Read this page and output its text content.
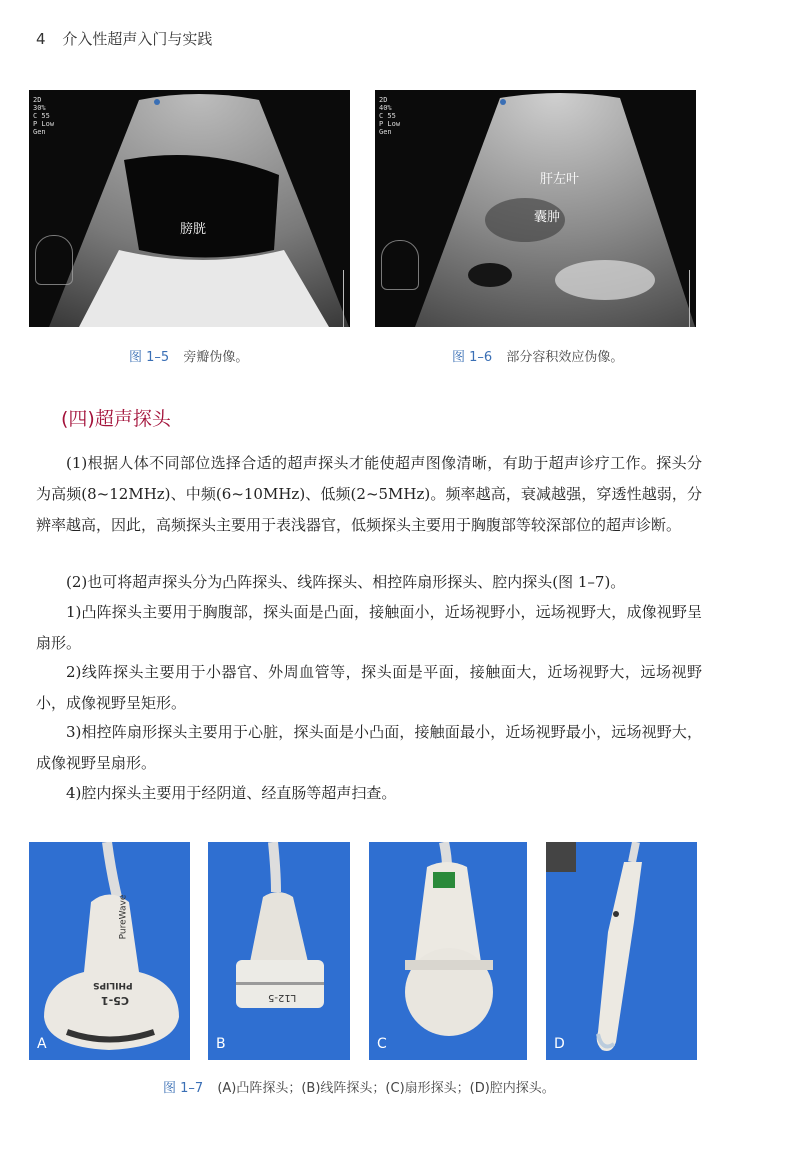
4 介入性超声入门与实践
2D
30%
C 55
P Low
Gen
膀胱
图 1–5 旁瓣伪像。
2D
40%
C 55
P Low
Gen
肝左叶
囊肿
图 1–6 部分容积效应伪像。
(四)超声探头
(1)根据人体不同部位选择合适的超声探头才能使超声图像清晰，有助于超声诊疗工作。探头分为高频(8~12MHz)、中频(6~10MHz)、低频(2~5MHz)。频率越高，衰减越强，穿透性越弱，分辨率越高，因此，高频探头主要用于表浅器官，低频探头主要用于胸腹部等较深部位的超声诊断。
(2)也可将超声探头分为凸阵探头、线阵探头、相控阵扇形探头、腔内探头(图 1–7)。
1)凸阵探头主要用于胸腹部，探头面是凸面，接触面小，近场视野小，远场视野大，成像视野呈扇形。
2)线阵探头主要用于小器官、外周血管等，探头面是平面，接触面大，近场视野大，远场视野小，成像视野呈矩形。
3)相控阵扇形探头主要用于心脏，探头面是小凸面，接触面最小，近场视野最小，远场视野大，成像视野呈扇形。
4)腔内探头主要用于经阴道、经直肠等超声扫查。
PureWave
PHILIPS
C5-1
A
L12-5
B	C	D
图 1–7 (A)凸阵探头；(B)线阵探头；(C)扇形探头；(D)腔内探头。
